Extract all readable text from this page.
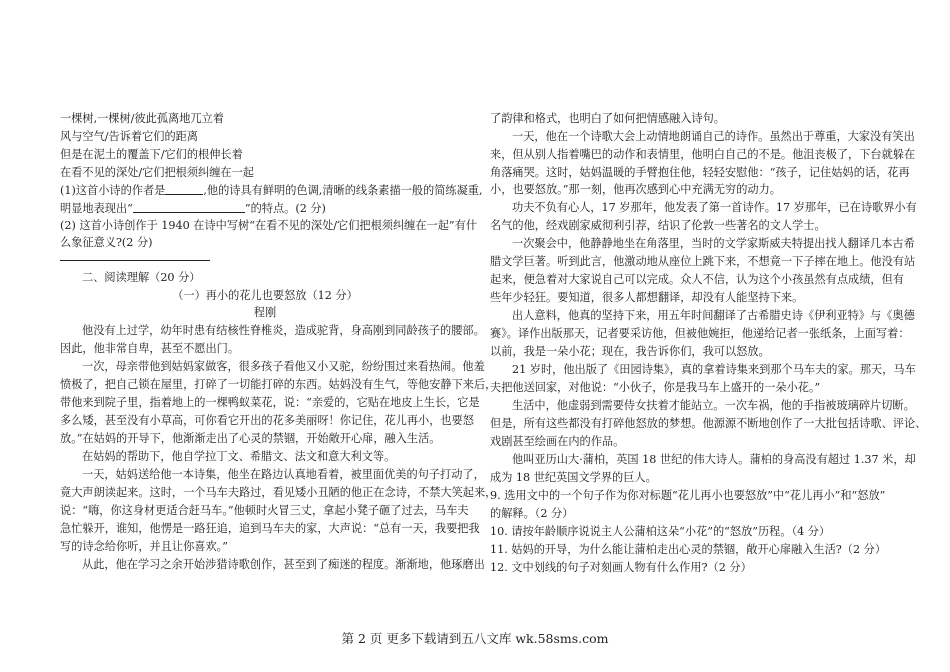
一棵树,一棵树/彼此孤离地兀立着
风与空气/告诉着它们的距离
但是在泥土的覆盖下/它们的根伸长着
在看不见的深处/它们把根须纠缠在一起
(1)这首小诗的作者是	,他的诗具有鲜明的色调,清晰的线条素描一般的简练凝重,
明显地表现出“	”的特点。(2 分)
(2) 这首小诗创作于 1940 在诗中写树“在看不见的深处/它们把根须纠缠在一起”有什
么象征意义?(2 分)
二、阅读理解（20 分）
（一）再小的花儿也要怒放（12 分）
程刚
他没有上过学，幼年时患有结核性脊椎炎，造成驼背，身高刚到同龄孩子的腰部。
因此，他非常自卑，甚至不愿出门。
一次，母亲带他到姑妈家做客，很多孩子看他又小又驼，纷纷围过来看热闹。他羞
愤极了，把自己锁在屋里，打碎了一切能打碎的东西。姑妈没有生气，等他安静下来后，
带他来到院子里，指着地上的一棵鸭蚁菜花，说：“亲爱的，它贴在地皮上生长，它是
多么矮，甚至没有小草高，可你看它开出的花多美丽呀！你记住，花儿再小，也要怒
放。”在姑妈的开导下，他渐渐走出了心灵的禁锢，开始敞开心扉，融入生活。
在姑妈的帮助下，他自学拉丁文、希腊文、法文和意大利文等。
一天，姑妈送给他一本诗集，他坐在路边认真地看着，被里面优美的句子打动了，
竟大声朗读起来。这时，一个马车夫路过，看见矮小丑陋的他正在念诗，不禁大笑起来，
说：“嗨，你这身材更适合赶马车。”他顿时火冒三丈，拿起小凳子砸了过去，马车夫
急忙躲开，谁知，他愣是一路狂追，追到马车夫的家，大声说：“总有一天，我要把我
写的诗念给你听，并且让你喜欢。”
从此，他在学习之余开始涉猎诗歌创作，甚至到了痴迷的程度。渐渐地，他琢磨出
了韵律和格式，也明白了如何把情感融入诗句。
一天，他在一个诗歌大会上动情地朗诵自己的诗作。虽然出于尊重，大家没有笑出
来，但从别人指着嘴巴的动作和表情里，他明白自己的不是。他沮丧极了，下台就躲在
角落痛哭。这时，姑妈温暖的手臂抱住他，轻轻安慰他：“孩子，记住姑妈的话，花再
小，也要怒放。”那一刻，他再次感到心中充满无穷的动力。
功夫不负有心人，17 岁那年，他发表了第一首诗作。17 岁那年，已在诗歌界小有
名气的他，经戏剧家威彻利引荐，结识了伦敦一些著名的文人学士。
一次聚会中，他静静地坐在角落里，当时的文学家斯威夫特提出找人翻译几本古希
腊文学巨著。听到此言，他激动地从座位上跳下来，不想竟一下子摔在地上。他没有站
起来，便急着对大家说自己可以完成。众人不信，认为这个小孩虽然有点成绩，但有
些年少轻狂。要知道，很多人都想翻译，却没有人能坚持下来。
出人意料，他真的坚持下来，用五年时间翻译了古希腊史诗《伊利亚特》与《奥德
赛》。译作出版那天，记者要采访他，但被他婉拒，他递给记者一张纸条，上面写着：
以前，我是一朵小花；现在，我告诉你们，我可以怒放。
21 岁时，他出版了《田园诗集》，真的拿着诗集来到那个马车夫的家。那天，马车
夫把他送回家，对他说：“小伙子，你是我马车上盛开的一朵小花。”
生活中，他虚弱到需要侍女扶着才能站立。一次车祸，他的手指被玻璃碎片切断。
但是，所有这些都没有打碎他怒放的梦想。他源源不断地创作了一大批包括诗歌、评论、
戏剧甚至绘画在内的作品。
他叫亚历山大·蒲柏，英国 18 世纪的伟大诗人。蒲柏的身高没有超过 1.37 米，却
成为 18 世纪英国文学界的巨人。
9. 选用文中的一个句子作为你对标题“花儿再小也要怒放”中“花儿再小”和“怒放”
的解释。（2 分）
10. 请按年龄顺序说说主人公蒲柏这朵“小花”的“怒放”历程。（4 分）
11. 姑妈的开导，为什么能让蒲柏走出心灵的禁锢，敞开心扉融入生活?（2 分）
12. 文中划线的句子对刻画人物有什么作用?（2 分）
第 2 页 更多下载请到五八文库 wk.58sms.com
